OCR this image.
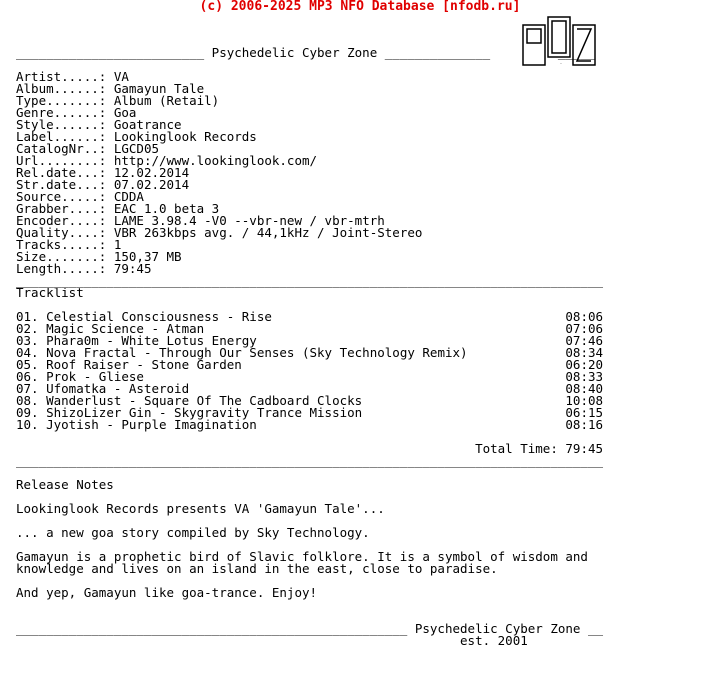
(c) 2006-2025 MP3 NFO Database [nfodb.ru]
PCZ
_________________________ Psychedelic Cyber Zone ______________         _____
Artist.....: VA
Album......: Gamayun Tale
Type.......: Album (Retail)
Genre......: Goa
Style......: Goatrance
Label......: Lookinglook Records
CatalogNr..: LGCD05
Url........: http://www.lookinglook.com/
Rel.date...: 12.02.2014
Str.date...: 07.02.2014
Source.....: CDDA
Grabber....: EAC 1.0 beta 3
Encoder....: LAME 3.98.4 -V0 --vbr-new / vbr-mtrh
Quality....: VBR 263kbps avg. / 44,1kHz / Joint-Stereo
Tracks.....: 1
Size.......: 150,37 MB
Length.....: 79:45
______________________________________________________________________________

Tracklist

01. Celestial Consciousness - Rise	08:06
02. Magic Science - Atman	07:06
03. Phara0m - White Lotus Energy	07:46
04. Nova Fractal - Through Our Senses (Sky Technology Remix)	08:34
05. Roof Raiser - Stone Garden	06:20
06. Prok - Gliese	08:33
07. Ufomatka - Asteroid	08:40
08. Wanderlust - Square Of The Cadboard Clocks	10:08
09. ShizoLizer Gin - Skygravity Trance Mission	06:15
10. Jyotish - Purple Imagination	08:16

Total Time: 79:45
______________________________________________________________________________

Release Notes

Lookinglook Records presents VA 'Gamayun Tale'...

... a new goa story compiled by Sky Technology.

Gamayun is a prophetic bird of Slavic folklore. It is a symbol of wisdom and
knowledge and lives on an island in the east, close to paradise.

And yep, Gamayun like goa-trance. Enjoy!

____________________________________________________ Psychedelic Cyber Zone __
est. 2001
